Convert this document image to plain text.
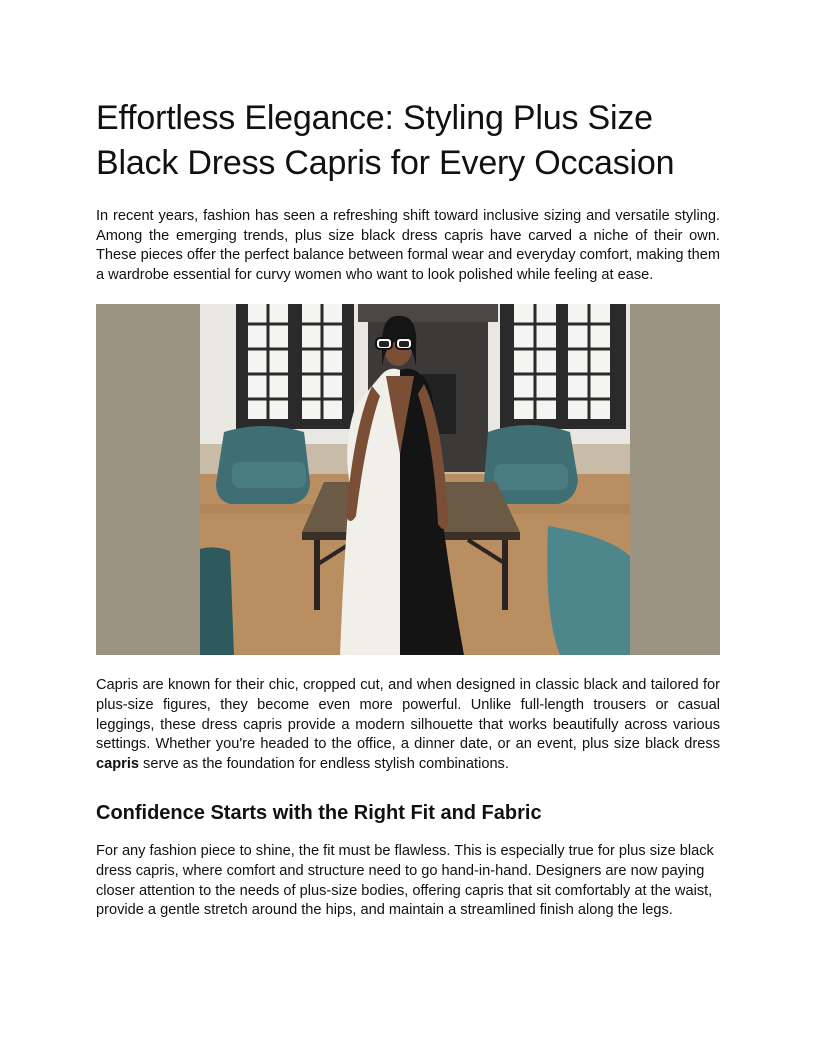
Effortless Elegance: Styling Plus Size Black Dress Capris for Every Occasion

In recent years, fashion has seen a refreshing shift toward inclusive sizing and versatile styling. Among the emerging trends, plus size black dress capris have carved a niche of their own. These pieces offer the perfect balance between formal wear and everyday comfort, making them a wardrobe essential for curvy women who want to look polished while feeling at ease.

Capris are known for their chic, cropped cut, and when designed in classic black and tailored for plus-size figures, they become even more powerful. Unlike full-length trousers or casual leggings, these dress capris provide a modern silhouette that works beautifully across various settings. Whether you're headed to the office, a dinner date, or an event, plus size black dress capris serve as the foundation for endless stylish combinations.

Confidence Starts with the Right Fit and Fabric

For any fashion piece to shine, the fit must be flawless. This is especially true for plus size black dress capris, where comfort and structure need to go hand-in-hand. Designers are now paying closer attention to the needs of plus-size bodies, offering capris that sit comfortably at the waist, provide a gentle stretch around the hips, and maintain a streamlined finish along the legs.
